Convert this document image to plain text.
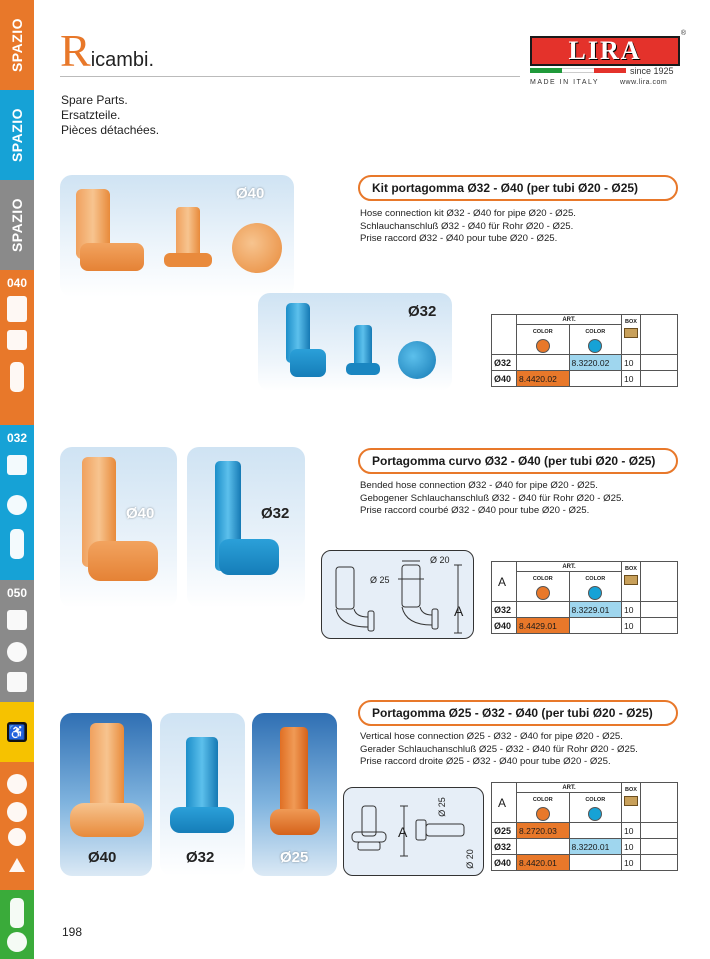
SPAZIO
SPAZIO
SPAZIO
040
032
050
♿
Ricambi.
Spare Parts.
Ersatzteile.
Pièces détachées.
LIRA
®
since 1925
MADE IN ITALY	www.lira.com
Ø40
Ø32
Kit portagomma Ø32 - Ø40 (per tubi Ø20 - Ø25)
Hose connection kit Ø32 - Ø40 for pipe Ø20 - Ø25.
Schlauchanschluß Ø32 - Ø40 für Rohr Ø20 - Ø25.
Prise raccord Ø32 - Ø40 pour tube Ø20 - Ø25.
	ART.		BOX

	COLOR	COLOR		

Ø32		8.3220.02	10	
Ø40	8.4420.02		10	
Ø40	Ø32
Portagomma curvo Ø32 - Ø40 (per tubi Ø20 - Ø25)
Bended hose connection Ø32 - Ø40 for pipe Ø20 - Ø25.
Gebogener Schlauchanschluß Ø32 - Ø40 für Rohr Ø20 - Ø25.
Prise raccord courbé Ø32 - Ø40 pour tube Ø20 - Ø25.
Ø 20
Ø 25
A
A	ART.		BOX

	COLOR	COLOR		

Ø32		8.3229.01	10	
Ø40	8.4429.01		10	
Ø40	Ø32	Ø25
Portagomma Ø25 - Ø32 - Ø40 (per tubi Ø20 - Ø25)
Vertical hose connection Ø25 - Ø32 - Ø40 for pipe Ø20 - Ø25.
Gerader Schlauchanschluß Ø25 - Ø32 - Ø40 für Rohr Ø20 - Ø25.
Prise raccord droite Ø25 - Ø32 - Ø40 pour tube Ø20 - Ø25.
Ø 25
Ø 20
A
A	ART.		BOX

	COLOR	COLOR		

Ø25	8.2720.03		10	
Ø32		8.3220.01	10	
Ø40	8.4420.01		10	
198
